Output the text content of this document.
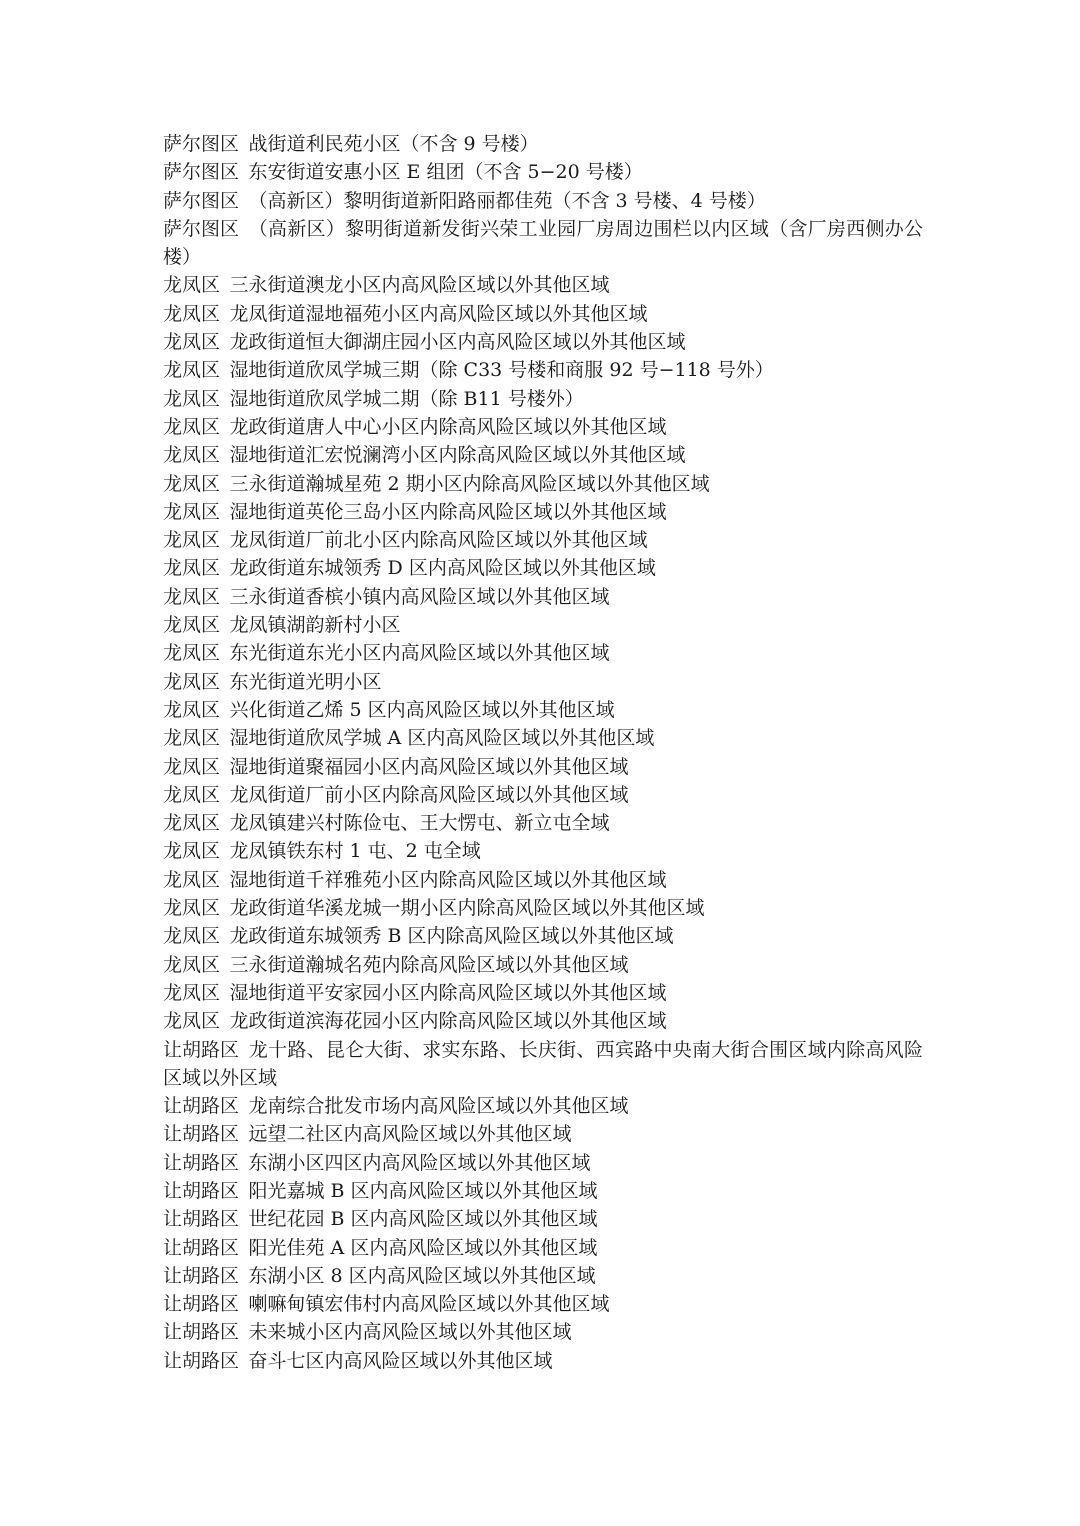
萨尔图区 战街道利民苑小区（不含 9 号楼）

萨尔图区 东安街道安惠小区 E 组团（不含 5−20 号楼）

萨尔图区 （高新区）黎明街道新阳路丽都佳苑（不含 3 号楼、4 号楼）

萨尔图区 （高新区）黎明街道新发街兴荣工业园厂房周边围栏以内区域（含厂房西侧办公楼）

龙凤区 三永街道澳龙小区内高风险区域以外其他区域

龙凤区 龙凤街道湿地福苑小区内高风险区域以外其他区域

龙凤区 龙政街道恒大御湖庄园小区内高风险区域以外其他区域

龙凤区 湿地街道欣凤学城三期（除 C33 号楼和商服 92 号−118 号外）

龙凤区 湿地街道欣凤学城二期（除 B11 号楼外）

龙凤区 龙政街道唐人中心小区内除高风险区域以外其他区域

龙凤区 湿地街道汇宏悦澜湾小区内除高风险区域以外其他区域

龙凤区 三永街道瀚城星苑 2 期小区内除高风险区域以外其他区域

龙凤区 湿地街道英伦三岛小区内除高风险区域以外其他区域

龙凤区 龙凤街道厂前北小区内除高风险区域以外其他区域

龙凤区 龙政街道东城领秀 D 区内高风险区域以外其他区域

龙凤区 三永街道香槟小镇内高风险区域以外其他区域

龙凤区 龙凤镇湖韵新村小区

龙凤区 东光街道东光小区内高风险区域以外其他区域

龙凤区 东光街道光明小区

龙凤区 兴化街道乙烯 5 区内高风险区域以外其他区域

龙凤区 湿地街道欣凤学城 A 区内高风险区域以外其他区域

龙凤区 湿地街道聚福园小区内高风险区域以外其他区域

龙凤区 龙凤街道厂前小区内除高风险区域以外其他区域

龙凤区 龙凤镇建兴村陈俭屯、王大愣屯、新立屯全域

龙凤区 龙凤镇铁东村 1 屯、2 屯全域

龙凤区 湿地街道千祥雅苑小区内除高风险区域以外其他区域

龙凤区 龙政街道华溪龙城一期小区内除高风险区域以外其他区域

龙凤区 龙政街道东城领秀 B 区内除高风险区域以外其他区域

龙凤区 三永街道瀚城名苑内除高风险区域以外其他区域

龙凤区 湿地街道平安家园小区内除高风险区域以外其他区域

龙凤区 龙政街道滨海花园小区内除高风险区域以外其他区域

让胡路区 龙十路、昆仑大街、求实东路、长庆街、西宾路中央南大街合围区域内除高风险区域以外区域

让胡路区 龙南综合批发市场内高风险区域以外其他区域

让胡路区 远望二社区内高风险区域以外其他区域

让胡路区 东湖小区四区内高风险区域以外其他区域

让胡路区 阳光嘉城 B 区内高风险区域以外其他区域

让胡路区 世纪花园 B 区内高风险区域以外其他区域

让胡路区 阳光佳苑 A 区内高风险区域以外其他区域

让胡路区 东湖小区 8 区内高风险区域以外其他区域

让胡路区 喇嘛甸镇宏伟村内高风险区域以外其他区域

让胡路区 未来城小区内高风险区域以外其他区域

让胡路区 奋斗七区内高风险区域以外其他区域
